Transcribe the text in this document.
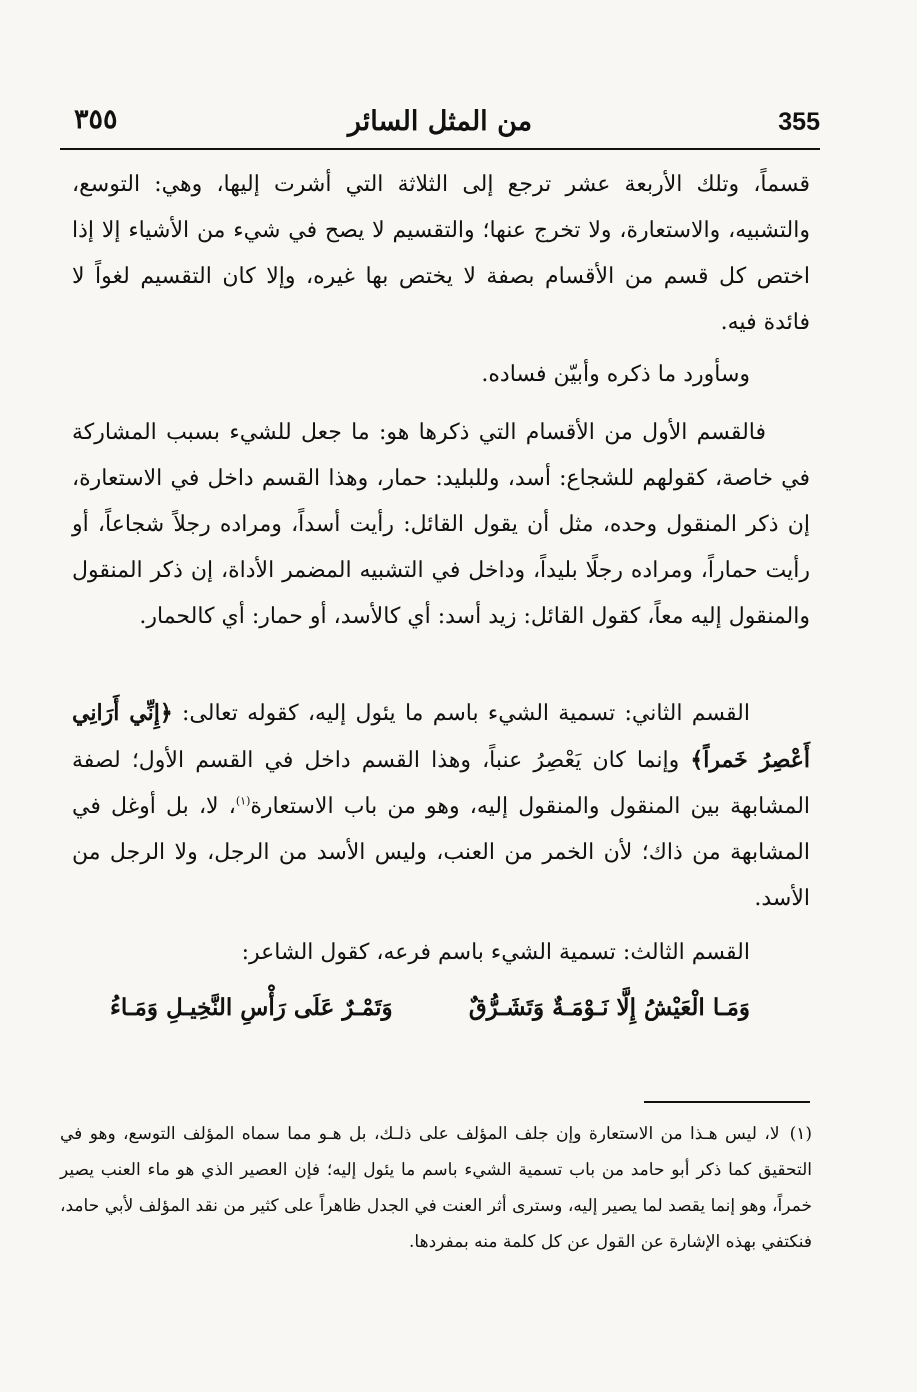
355
من المثل السائر
٣٥٥

قسماً، وتلك الأربعة عشر ترجع إلى الثلاثة التي أشرت إليها، وهي: التوسع، والتشبيه، والاستعارة، ولا تخرج عنها؛ والتقسيم لا يصح في شيء من الأشياء إلا إذا اختص كل قسم من الأقسام بصفة لا يختص بها غيره، وإلا كان التقسيم لغواً لا فائدة فيه.

وسأورد ما ذكره وأبيّن فساده.

فالقسم الأول من الأقسام التي ذكرها هو: ما جعل للشيء بسبب المشاركة في خاصة، كقولهم للشجاع: أسد، وللبليد: حمار، وهذا القسم داخل في الاستعارة، إن ذكر المنقول وحده، مثل أن يقول القائل: رأيت أسداً، ومراده رجلاً شجاعاً، أو رأيت حماراً، ومراده رجلًا بليداً، وداخل في التشبيه المضمر الأداة، إن ذكر المنقول والمنقول إليه معاً، كقول القائل: زيد أسد: أي كالأسد، أو حمار: أي كالحمار.

القسم الثاني: تسمية الشيء باسم ما يئول إليه، كقوله تعالى: ﴿إِنِّي أَرَانِي أَعْصِرُ خَمراً﴾ وإنما كان يَعْصِرُ عنباً، وهذا القسم داخل في القسم الأول؛ لصفة المشابهة بين المنقول والمنقول إليه، وهو من باب الاستعارة$^{(١)}$، لا، بل أوغل في المشابهة من ذاك؛ لأن الخمر من العنب، وليس الأسد من الرجل، ولا الرجل من الأسد.

القسم الثالث: تسمية الشيء باسم فرعه، كقول الشاعر:

وَمَـا الْعَيْشُ إِلَّا نَـوْمَـةٌ وَتَشَـرُّقٌ
وَتَمْـرٌ عَلَى رَأْسِ النَّخِيـلِ وَمَـاءُ

(١)لا، ليس هـذا من الاستعارة وإن جلف المؤلف على ذلـك، بل هـو مما سماه المؤلف التوسع، وهو في التحقيق كما ذكر أبو حامد من باب تسمية الشيء باسم ما يئول إليه؛ فإن العصير الذي هو ماء العنب يصير خمراً، وهو إنما يقصد لما يصير إليه، وسترى أثر العنت في الجدل ظاهراً على كثير من نقد المؤلف لأبي حامد، فنكتفي بهذه الإشارة عن القول عن كل كلمة منه بمفردها.
